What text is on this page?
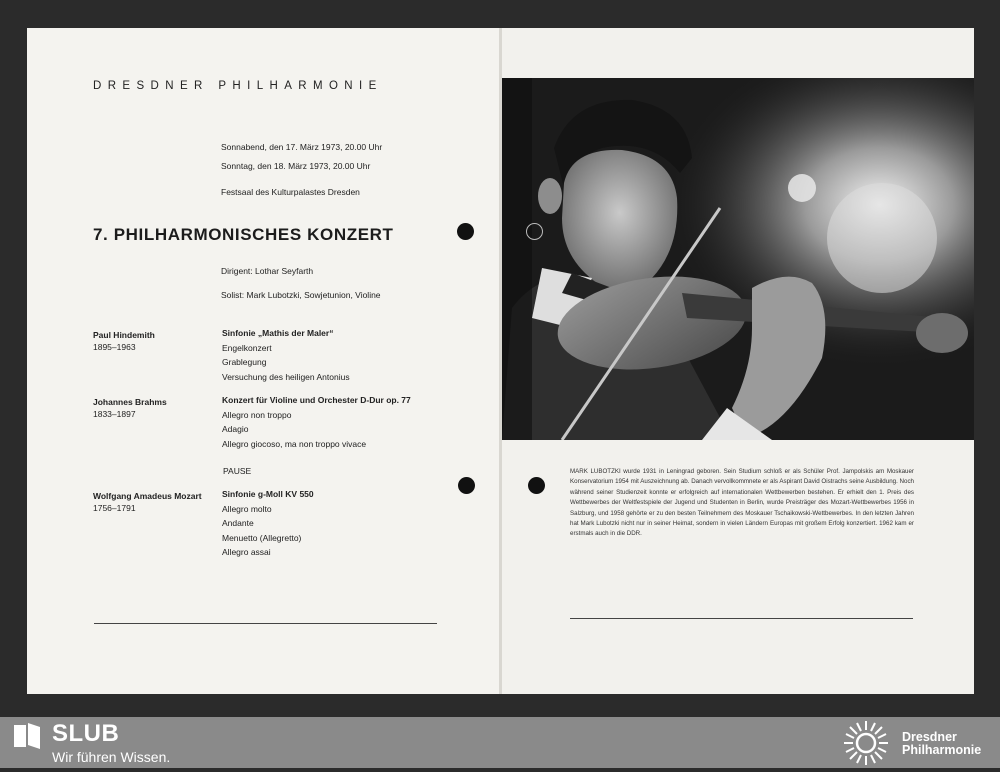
DRESDNER PHILHARMONIE
Sonnabend, den 17. März 1973, 20.00 Uhr
Sonntag, den 18. März 1973, 20.00 Uhr
Festsaal des Kulturpalastes Dresden
7. PHILHARMONISCHES KONZERT
Dirigent: Lothar Seyfarth
Solist: Mark Lubotzki, Sowjetunion, Violine
Paul Hindemith
1895–1963
Sinfonie „Mathis der Maler“
Engelkonzert
Grablegung
Versuchung des heiligen Antonius
Johannes Brahms
1833–1897
Konzert für Violine und Orchester D-Dur op. 77
Allegro non troppo
Adagio
Allegro giocoso, ma non troppo vivace
PAUSE
Wolfgang Amadeus Mozart
1756–1791
Sinfonie g-Moll KV 550
Allegro molto
Andante
Menuetto (Allegretto)
Allegro assai
MARK LUBOTZKI wurde 1931 in Leningrad geboren. Sein Studium schloß er als Schüler Prof. Jampolskis am Moskauer Konservatorium 1954 mit Auszeichnung ab. Danach vervollkommnete er als Aspirant David Oistrachs seine Ausbildung. Noch während seiner Studienzeit konnte er erfolgreich auf internationalen Wettbewerben bestehen. Er erhielt den 1. Preis des Wettbewerbes der Weltfestspiele der Jugend und Studenten in Berlin, wurde Preisträger des Mozart-Wettbewerbes 1956 in Salzburg, und 1958 gehörte er zu den besten Teilnehmern des Moskauer Tschaikowski-Wettbewerbes. In den letzten Jahren hat Mark Lubotzki nicht nur in seiner Heimat, sondern in vielen Ländern Europas mit großem Erfolg konzertiert. 1962 kam er erstmals auch in die DDR.
SLUB
Wir führen Wissen.
Dresdner
Philharmonie
